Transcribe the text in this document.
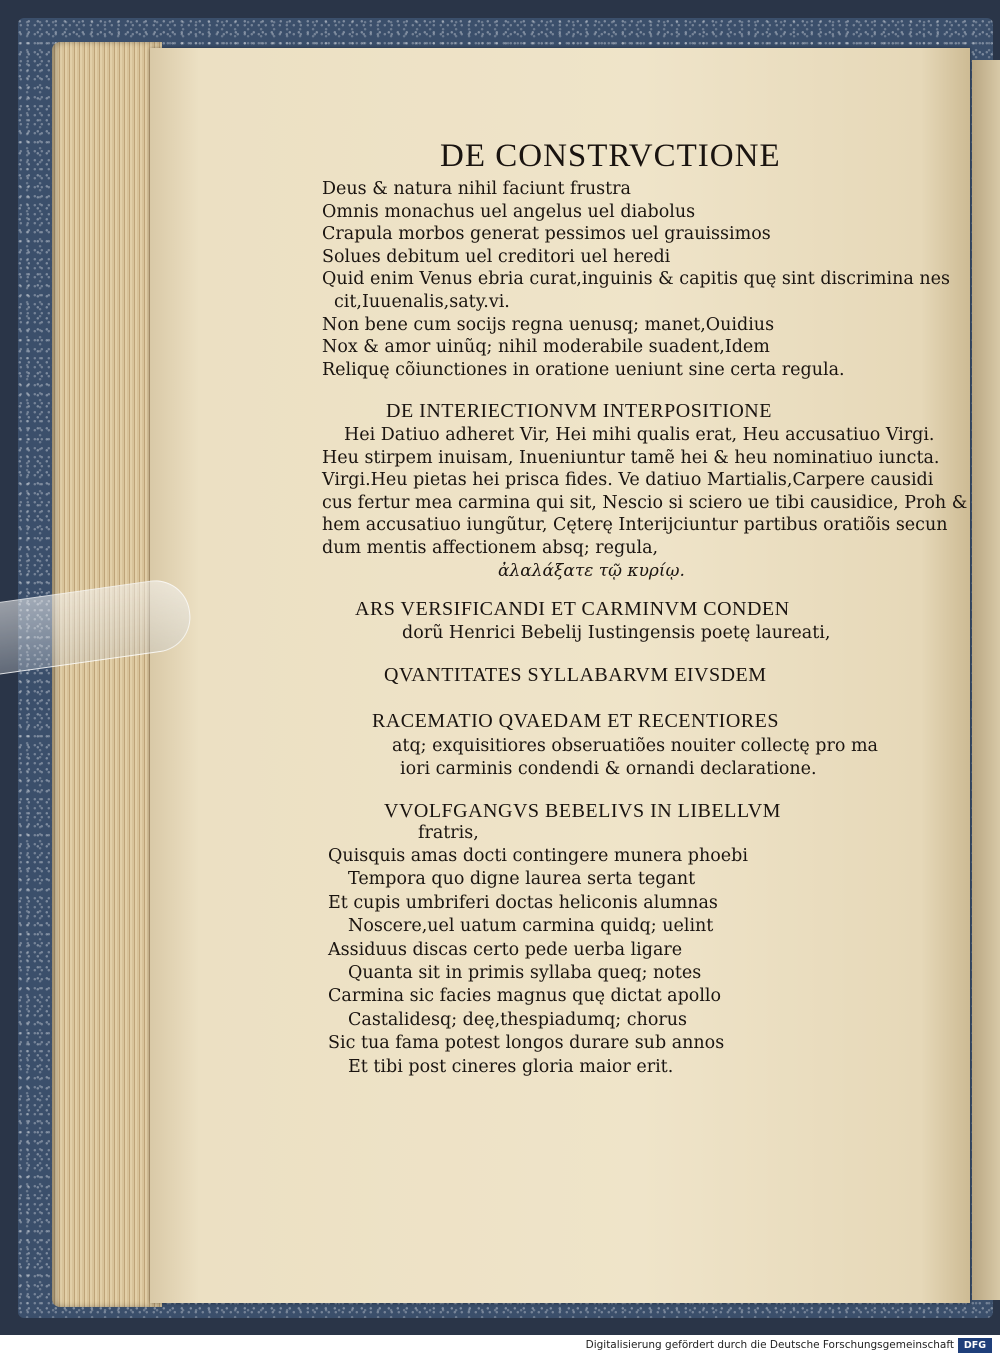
DE CONSTRVCTIONE
Deus & natura nihil faciunt frustra
Omnis monachus uel angelus uel diabolus
Crapula morbos generat pessimos uel grauissimos
Solues debitum uel creditori uel heredi
Quid enim Venus ebria curat,inguinis & capitis quę sint discrimina nes
cit,Iuuenalis,saty.vi.
Non bene cum socijs regna uenusq; manet,Ouidius
Nox & amor uinũq; nihil moderabile suadent,Idem
Reliquę cõiunctiones in oratione ueniunt sine certa regula.
DE INTERIECTIONVM INTERPOSITIONE
Hei Datiuo adheret Vir, Hei mihi qualis erat, Heu accusatiuo Virgi.
Heu stirpem inuisam, Inueniuntur tamẽ hei & heu nominatiuo iuncta.
Virgi.Heu pietas hei prisca fides. Ve datiuo Martialis,Carpere causidi
cus fertur mea carmina qui sit, Nescio si sciero ue tibi causidice, Proh &
hem accusatiuo iungũtur, Cęterę Interijciuntur partibus oratiõis secun
dum mentis affectionem absq; regula,
ἀλαλάξατε τῷ κυρίῳ.
ARS VERSIFICANDI ET CARMINVM CONDEN
dorũ Henrici Bebelij Iustingensis poetę laureati,
QVANTITATES SYLLABARVM EIVSDEM
RACEMATIO QVAEDAM ET RECENTIORES
atq; exquisitiores obseruatiões nouiter collectę pro ma
iori carminis condendi & ornandi declaratione.
VVOLFGANGVS BEBELIVS IN LIBELLVM
fratris,
Quisquis amas docti contingere munera phoebi
Tempora quo digne laurea serta tegant
Et cupis umbriferi doctas heliconis alumnas
Noscere,uel uatum carmina quidq; uelint
Assiduus discas certo pede uerba ligare
Quanta sit in primis syllaba queq; notes
Carmina sic facies magnus quę dictat apollo
Castalidesq; deę,thespiadumq; chorus
Sic tua fama potest longos durare sub annos
Et tibi post cineres gloria maior erit.
Digitalisierung gefördert durch die Deutsche Forschungsgemeinschaft	DFG
